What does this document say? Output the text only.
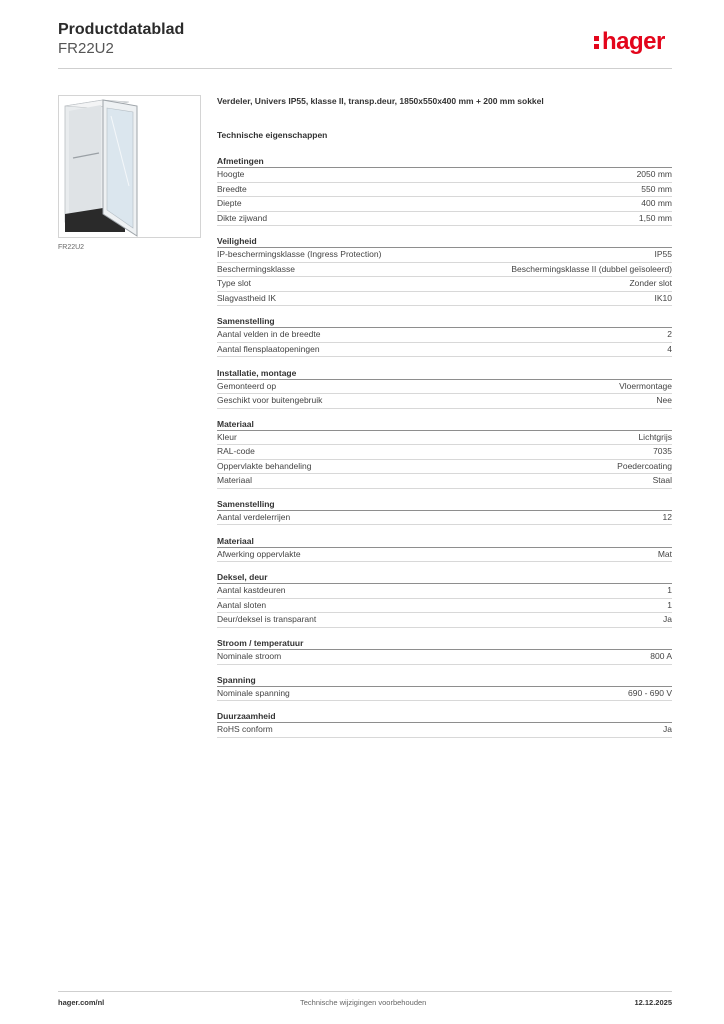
Productdatablad
FR22U2	hager
FR22U2
Verdeler, Univers IP55, klasse II, transp.deur, 1850x550x400 mm + 200 mm sokkel
Technische eigenschappen
Afmetingen
Hoogte	2050 mm
Breedte	550 mm
Diepte	400 mm
Dikte zijwand	1,50 mm
Veiligheid
IP-beschermingsklasse (Ingress Protection)	IP55
Beschermingsklasse	Beschermingsklasse II (dubbel geïsoleerd)
Type slot	Zonder slot
Slagvastheid IK	IK10
Samenstelling
Aantal velden in de breedte	2
Aantal flensplaatopeningen	4
Installatie, montage
Gemonteerd op	Vloermontage
Geschikt voor buitengebruik	Nee
Materiaal
Kleur	Lichtgrijs
RAL-code	7035
Oppervlakte behandeling	Poedercoating
Materiaal	Staal
Samenstelling
Aantal verdelerrijen	12
Materiaal
Afwerking oppervlakte	Mat
Deksel, deur
Aantal kastdeuren	1
Aantal sloten	1
Deur/deksel is transparant	Ja
Stroom / temperatuur
Nominale stroom	800 A
Spanning
Nominale spanning	690 - 690 V
Duurzaamheid
RoHS conform	Ja
hager.com/nl	Technische wijzigingen voorbehouden	12.12.2025
